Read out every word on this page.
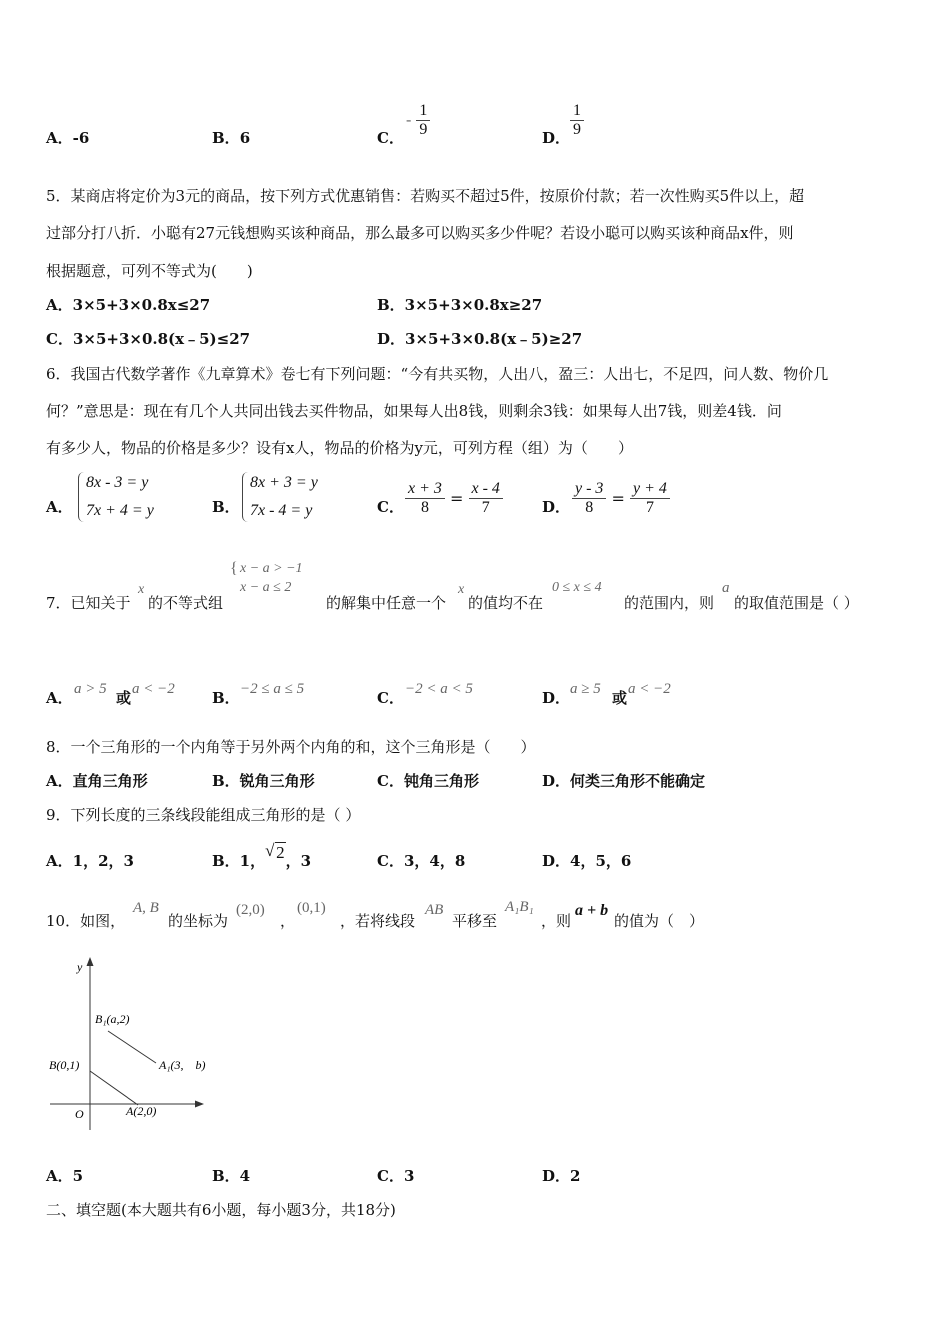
A．-6	B．6	C．
- $\frac{1}{9}$	D． $\frac{1}{9}$
5．某商店将定价为3元的商品，按下列方式优惠销售：若购买不超过5件，按原价付款；若一次性购买5件以上，超
过部分打八折．小聪有27元钱想购买该种商品，那么最多可以购买多少件呢？若设小聪可以购买该种商品x件，则
根据题意，可列不等式为(　　)
A．3×5+3×0.8x≤27	B．3×5+3×0.8x≥27
C．3×5+3×0.8(x﹣5)≤27	D．3×5+3×0.8(x﹣5)≥27
6．我国古代数学著作《九章算术》卷七有下列问题：“今有共买物，人出八，盈三：人出七，不足四，问人数、物价几
何？”意思是：现在有几个人共同出钱去买件物品，如果每人出8钱，则剩余3钱：如果每人出7钱，则差4钱．问
有多少人，物品的价格是多少？设有x人，物品的价格为y元，可列方程（组）为（　　）
A．
8x - 3 = y
7x + 4 = y	B．
8x + 3 = y
7x - 4 = y	C． $\frac{x + 3}{8} = \frac{x - 4}{7}$	D． $\frac{y - 3}{8} = \frac{y + 4}{7}$
7．已知关于
x
的不等式组
{ x − a > −1
x − a ≤ 2
的解集中任意一个
x
的值均不在
0 ≤ x ≤ 4
的范围内，则
a
的取值范围是（ ）
A． a > 5 或 a < −2 B． −2 ≤ a ≤ 5	C． −2 < a < 5	D． a ≥ 5 或 a < −2
8．一个三角形的一个内角等于另外两个内角的和，这个三角形是（　　）
A．直角三角形	B．锐角三角形	C．钝角三角形	D．何类三角形不能确定
9．下列长度的三条线段能组成三角形的是（ ）
A．1，2，3	B．1，
√ 2，3	C．3，4，8	D．4，5，6
10．如图，
A, B
的坐标为
(2,0)
，
(0,1)
，若将线段
AB
平移至
A₁B₁
，则
a + b
的值为（　）
y
O
B₁(a,2)
A₁(3,　b)
B(0,1)
A(2,0)
A．5	B．4	C．3	D．2
二、填空题(本大题共有6小题，每小题3分，共18分)
